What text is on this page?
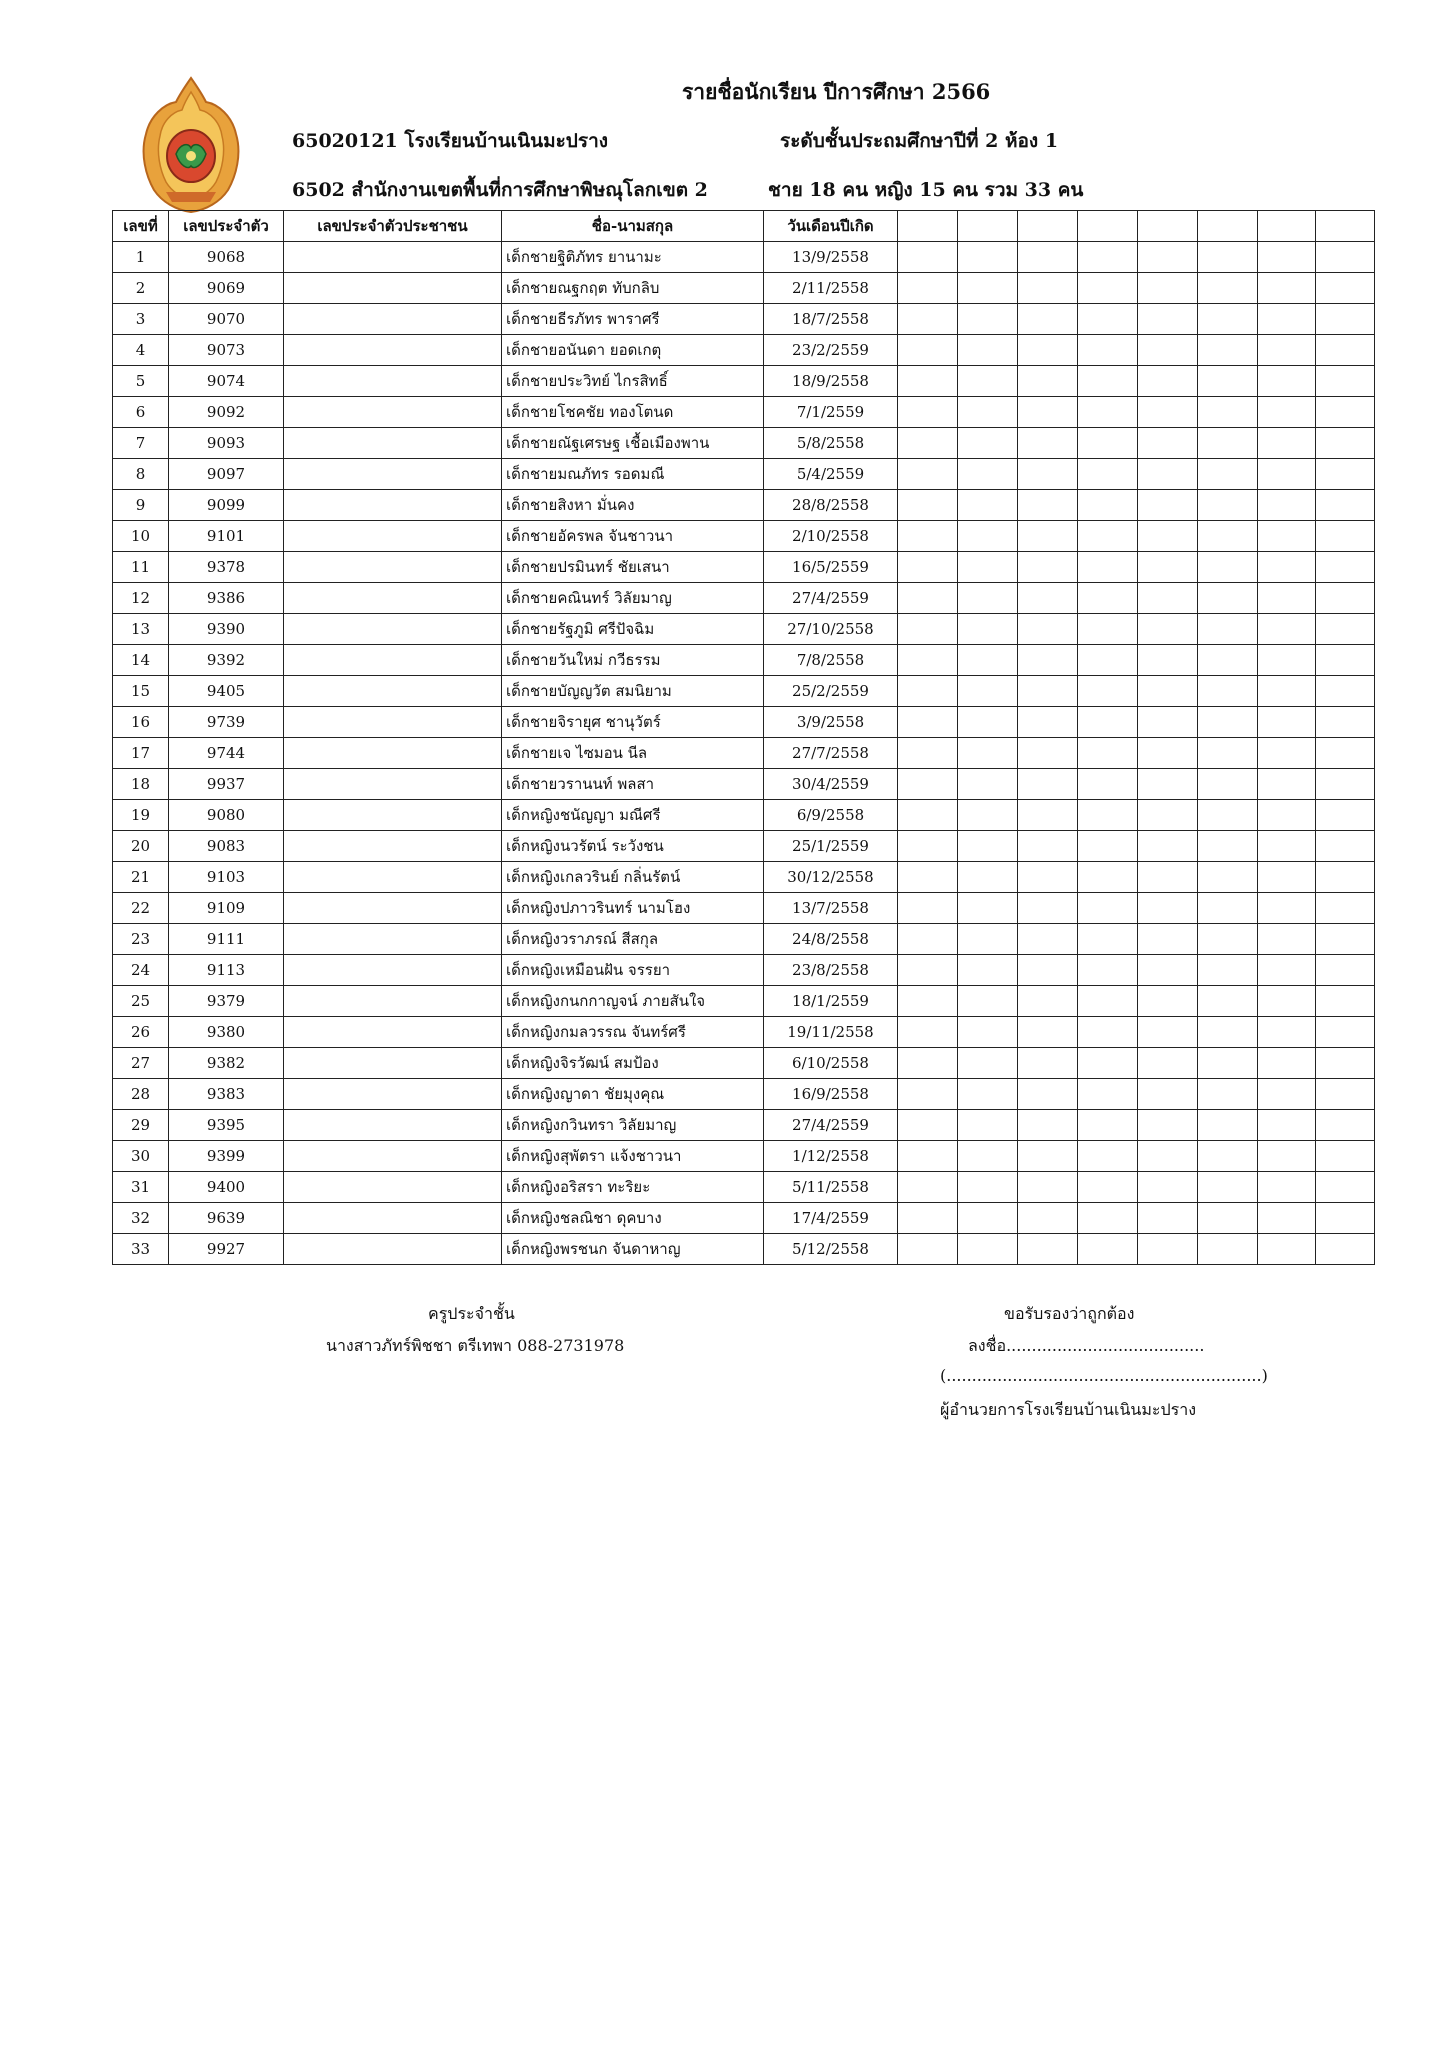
รายชื่อนักเรียน ปีการศึกษา 2566
65020121 โรงเรียนบ้านเนินมะปราง	ระดับชั้นประถมศึกษาปีที่ 2 ห้อง 1
6502 สำนักงานเขตพื้นที่การศึกษาพิษณุโลกเขต 2	ชาย 18 คน หญิง 15 คน รวม 33 คน
เลขที่	เลขประจำตัว	เลขประจำตัวประชาชน	ชื่อ-นามสกุล	วันเดือนปีเกิด								
1	9068		เด็กชายฐิติภัทร ยานามะ	13/9/2558								
2	9069		เด็กชายณฐกฤต ทับกลิบ	2/11/2558								
3	9070		เด็กชายธีรภัทร พาราศรี	18/7/2558								
4	9073		เด็กชายอนันดา ยอดเกตุ	23/2/2559								
5	9074		เด็กชายประวิทย์ ไกรสิทธิ์	18/9/2558								
6	9092		เด็กชายโชคชัย ทองโตนด	7/1/2559								
7	9093		เด็กชายณัฐเศรษฐ เชื้อเมืองพาน	5/8/2558								
8	9097		เด็กชายมณภัทร รอดมณี	5/4/2559								
9	9099		เด็กชายสิงหา มั่นคง	28/8/2558								
10	9101		เด็กชายอัครพล จันชาวนา	2/10/2558								
11	9378		เด็กชายปรมินทร์ ชัยเสนา	16/5/2559								
12	9386		เด็กชายคณินทร์ วิลัยมาญ	27/4/2559								
13	9390		เด็กชายรัฐภูมิ ศรีปัจฉิม	27/10/2558								
14	9392		เด็กชายวันใหม่ กวีธรรม	7/8/2558								
15	9405		เด็กชายบัญญวัต สมนิยาม	25/2/2559								
16	9739		เด็กชายจิรายุศ ชานุวัตร์	3/9/2558								
17	9744		เด็กชายเจ ไซมอน นีล	27/7/2558								
18	9937		เด็กชายวรานนท์ พลสา	30/4/2559								
19	9080		เด็กหญิงชนัญญา มณีศรี	6/9/2558								
20	9083		เด็กหญิงนวรัตน์ ระวังชน	25/1/2559								
21	9103		เด็กหญิงเกลวรินย์ กลิ่นรัตน์	30/12/2558								
22	9109		เด็กหญิงปภาวรินทร์ นามโฮง	13/7/2558								
23	9111		เด็กหญิงวราภรณ์ สีสกุล	24/8/2558								
24	9113		เด็กหญิงเหมือนฝัน จรรยา	23/8/2558								
25	9379		เด็กหญิงกนกกาญจน์ ภายสันใจ	18/1/2559								
26	9380		เด็กหญิงกมลวรรณ จันทร์ศรี	19/11/2558								
27	9382		เด็กหญิงจิรวัฒน์ สมป้อง	6/10/2558								
28	9383		เด็กหญิงญาดา ชัยมุงคุณ	16/9/2558								
29	9395		เด็กหญิงกวินทรา วิลัยมาญ	27/4/2559								
30	9399		เด็กหญิงสุพัตรา แจ้งชาวนา	1/12/2558								
31	9400		เด็กหญิงอริสรา ทะริยะ	5/11/2558								
32	9639		เด็กหญิงชลณิชา ดุคบาง	17/4/2559								
33	9927		เด็กหญิงพรชนก จันดาหาญ	5/12/2558								
ครูประจำชั้น
นางสาวภัทร์พิชชา ตรีเทพา 088-2731978
ขอรับรองว่าถูกต้อง
ลงชื่อ.......................................
(..............................................................)
ผู้อำนวยการโรงเรียนบ้านเนินมะปราง
